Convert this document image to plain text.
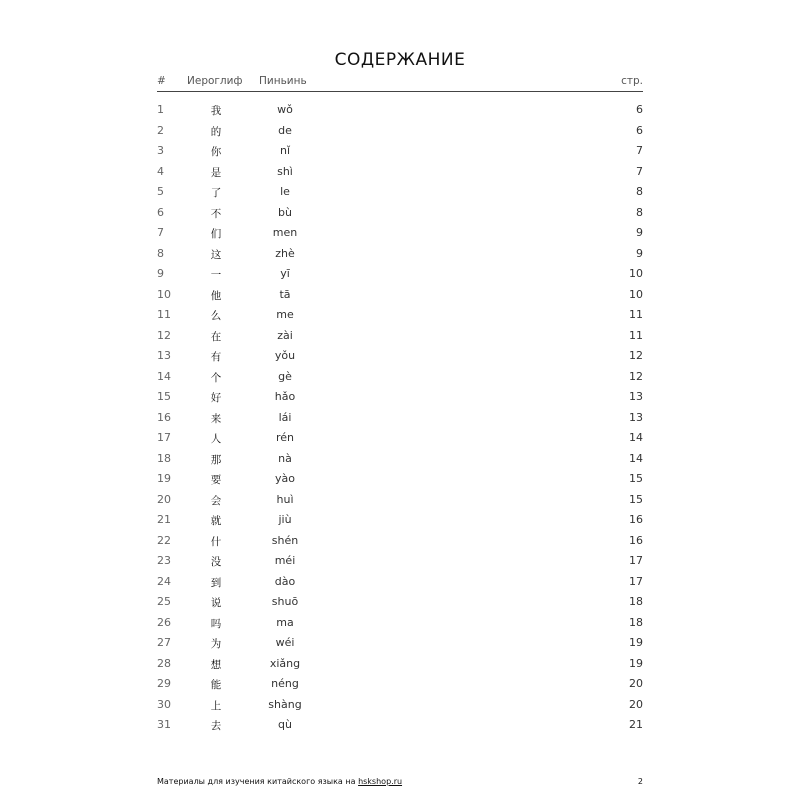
СОДЕРЖАНИЕ
# Иероглиф Пиньинь	стр.
1	我	wǒ	6
2	的	de	6
3	你	nǐ	7
4	是	shì	7
5	了	le	8
6	不	bù	8
7	们	men	9
8	这	zhè	9
9	一	yī	10
10	他	tā	10
11	么	me	11
12	在	zài	11
13	有	yǒu	12
14	个	gè	12
15	好	hǎo	13
16	来	lái	13
17	人	rén	14
18	那	nà	14
19	要	yào	15
20	会	huì	15
21	就	jiù	16
22	什	shén	16
23	没	méi	17
24	到	dào	17
25	说	shuō	18
26	吗	ma	18
27	为	wéi	19
28	想	xiǎng	19
29	能	néng	20
30	上	shàng	20
31	去	qù	21
Материалы для изучения китайского языка на hskshop.ru	2
